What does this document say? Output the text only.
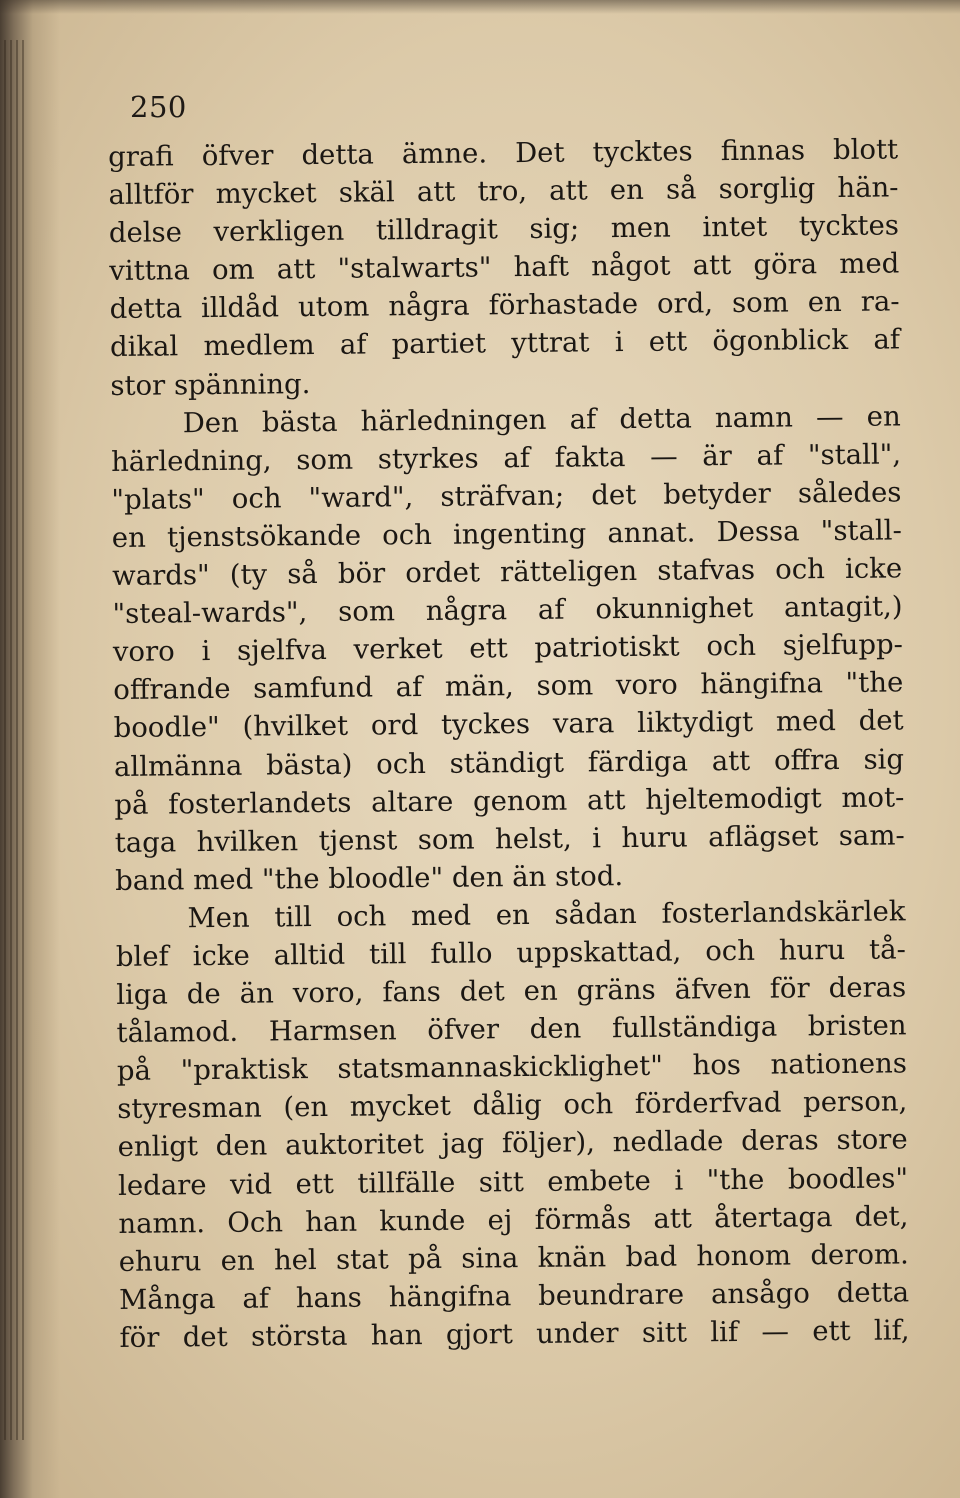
250
grafi öfver detta ämne. Det tycktes finnas blott
alltför mycket skäl att tro, att en så sorglig hän-
delse verkligen tilldragit sig; men intet tycktes
vittna om att "stalwarts" haft något att göra med
detta illdåd utom några förhastade ord, som en ra-
dikal medlem af partiet yttrat i ett ögonblick af
stor spänning.
Den bästa härledningen af detta namn — en
härledning, som styrkes af fakta — är af "stall",
"plats" och "ward", sträfvan; det betyder således
en tjenstsökande och ingenting annat. Dessa "stall-
wards" (ty så bör ordet rätteligen stafvas och icke
"steal-wards", som några af okunnighet antagit,)
voro i sjelfva verket ett patriotiskt och sjelfupp-
offrande samfund af män, som voro hängifna "the
boodle" (hvilket ord tyckes vara liktydigt med det
allmänna bästa) och ständigt färdiga att offra sig
på fosterlandets altare genom att hjeltemodigt mot-
taga hvilken tjenst som helst, i huru aflägset sam-
band med "the bloodle" den än stod.
Men till och med en sådan fosterlandskärlek
blef icke alltid till fullo uppskattad, och huru tå-
liga de än voro, fans det en gräns äfven för deras
tålamod. Harmsen öfver den fullständiga bristen
på "praktisk statsmannaskicklighet" hos nationens
styresman (en mycket dålig och förderfvad person,
enligt den auktoritet jag följer), nedlade deras store
ledare vid ett tillfälle sitt embete i "the boodles"
namn. Och han kunde ej förmås att återtaga det,
ehuru en hel stat på sina knän bad honom derom.
Många af hans hängifna beundrare ansågo detta
för det största han gjort under sitt lif — ett lif,
